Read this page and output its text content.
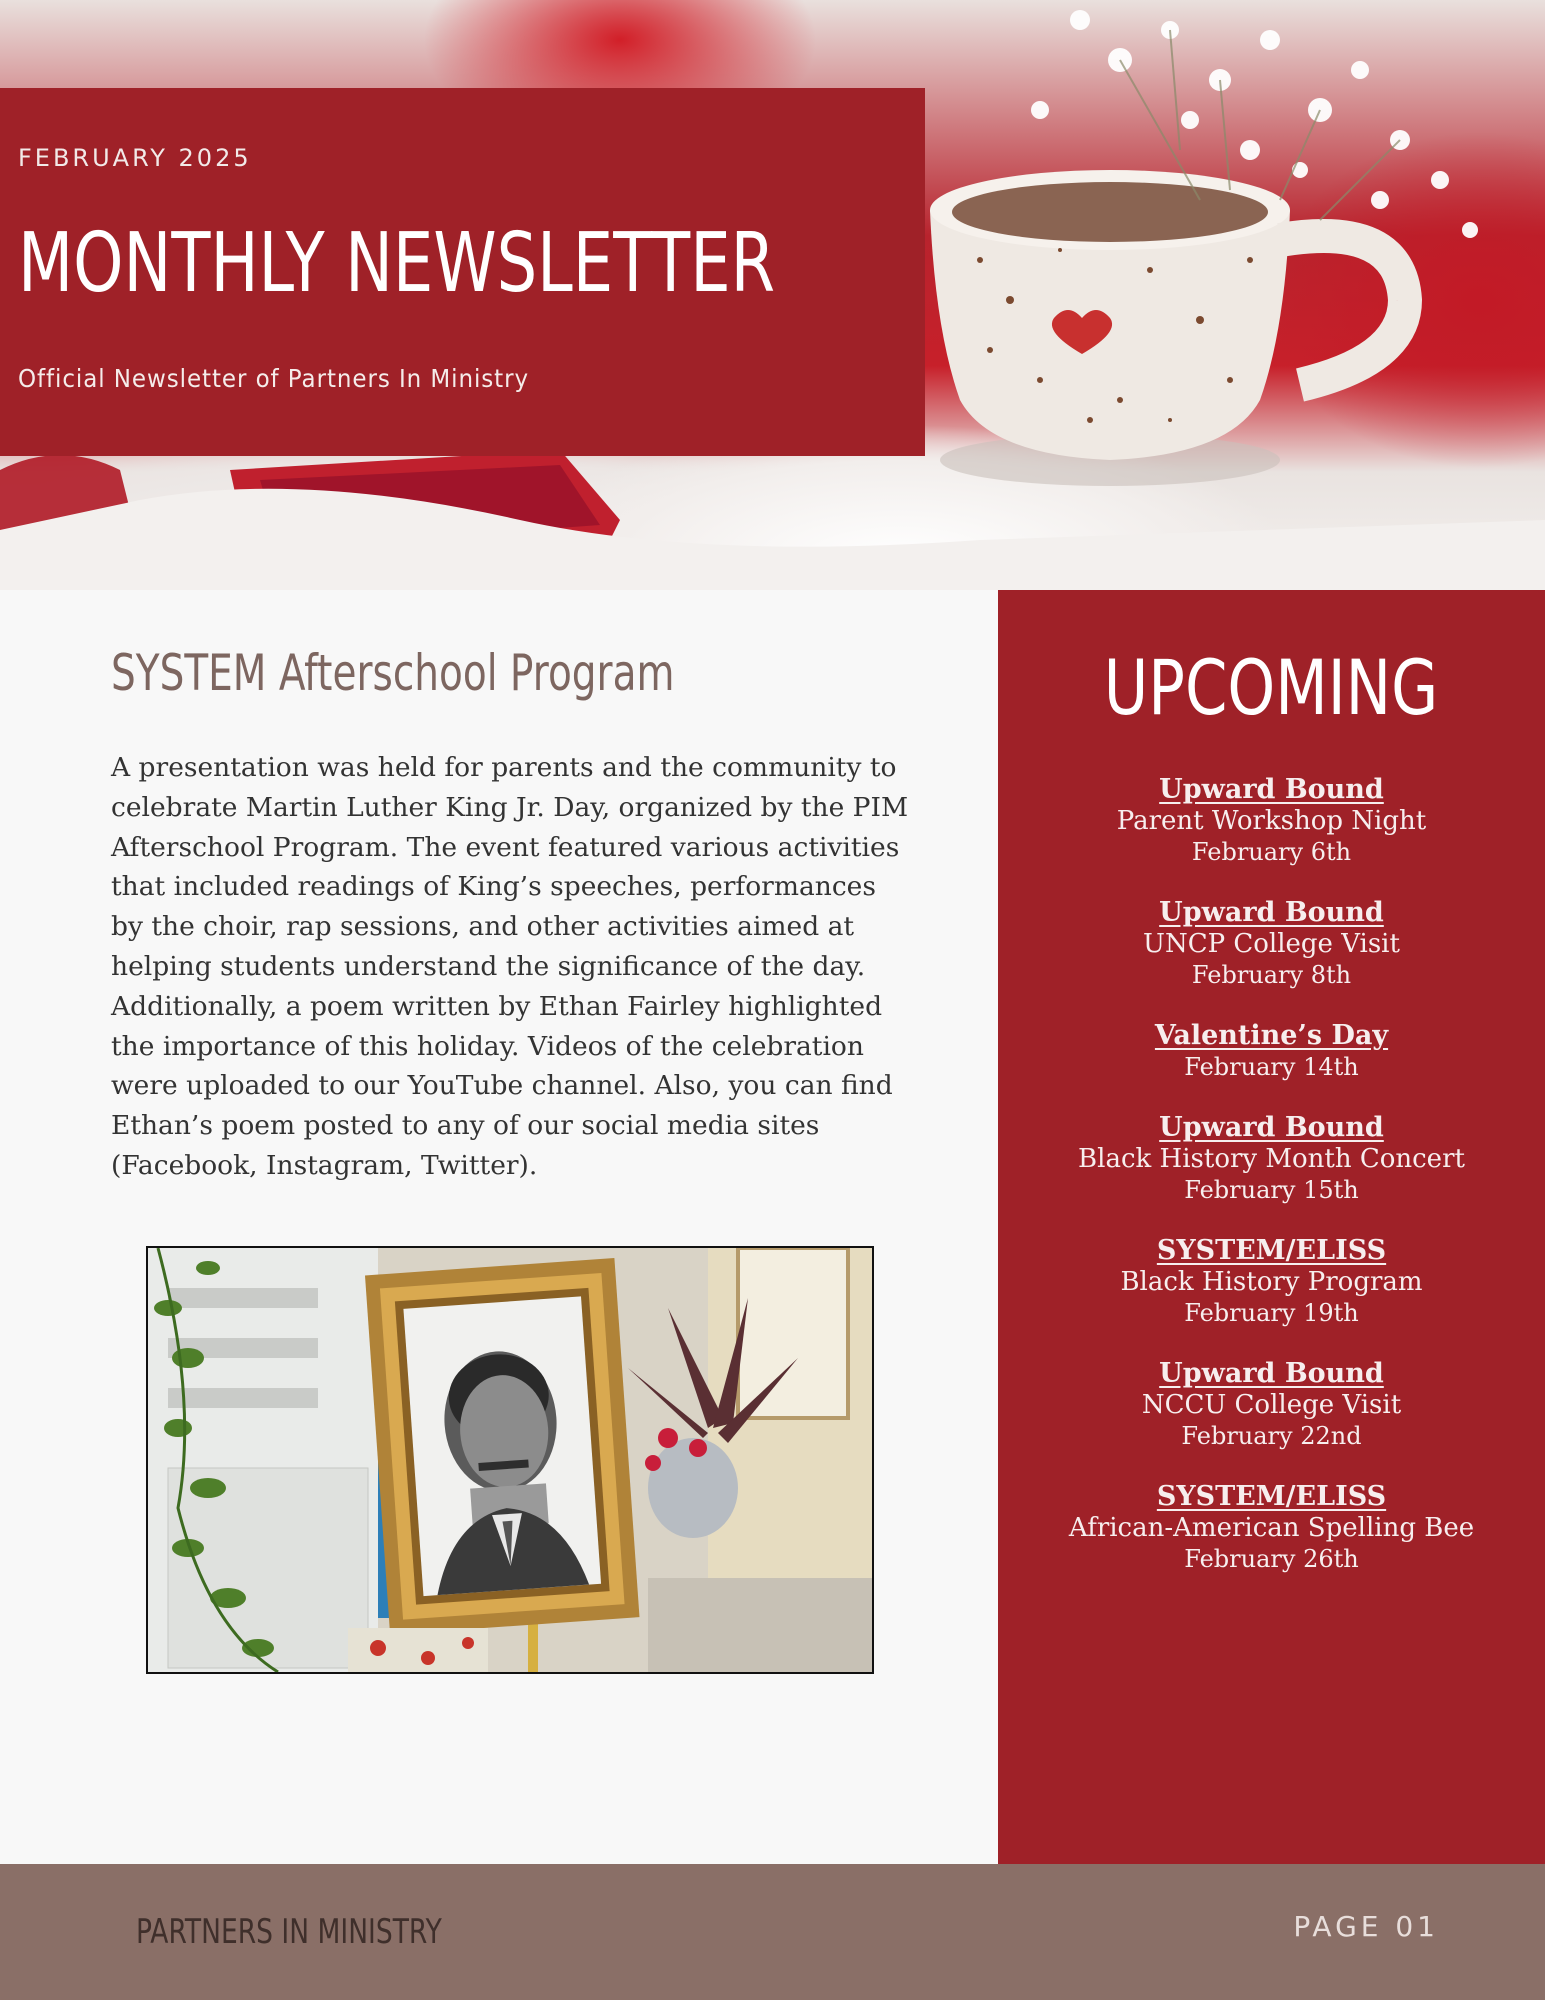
FEBRUARY 2025
MONTHLY NEWSLETTER
Official Newsletter of Partners In Ministry
SYSTEM Afterschool Program

A presentation was held for parents and the community to celebrate Martin Luther King Jr. Day, organized by the PIM Afterschool Program. The event featured various activities that included readings of King’s speeches, performances by the choir, rap sessions, and other activities aimed at helping students understand the significance of the day. Additionally, a poem written by Ethan Fairley highlighted the importance of this holiday. Videos of the celebration were uploaded to our YouTube channel. Also, you can find Ethan’s poem posted to any of our social media sites (Facebook, Instagram, Twitter).

UPCOMING
Upward Bound
Parent Workshop Night
February 6th
Upward Bound
UNCP College Visit
February 8th
Valentine’s Day
February 14th
Upward Bound
Black History Month Concert
February 15th
SYSTEM/ELISS
Black History Program
February 19th
Upward Bound
NCCU College Visit
February 22nd
SYSTEM/ELISS
African-American Spelling Bee
February 26th
PARTNERS IN MINISTRY	PAGE 01
